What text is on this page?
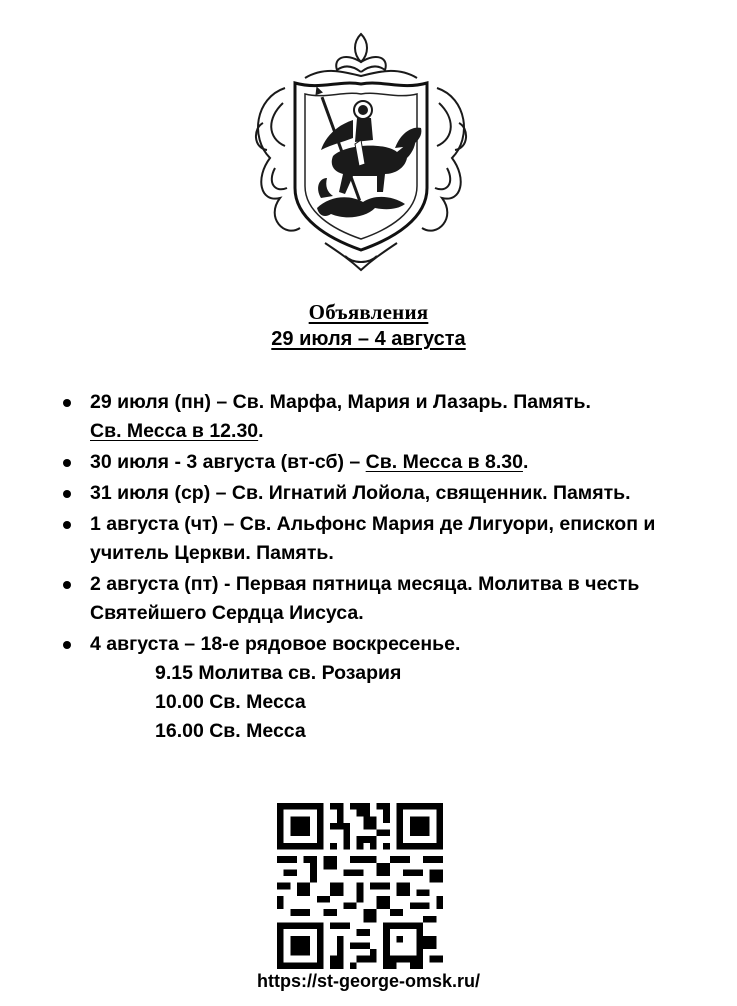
Объявления
29 июля – 4 августа
29 июля (пн) – Св. Марфа, Мария и Лазарь. Память.
Св. Месса в 12.30.
30 июля - 3 августа (вт-сб) – Св. Месса в 8.30.
31 июля (ср) – Св. Игнатий Лойола, священник. Память.
1 августа (чт) – Св. Альфонс Мария де Лигуори, епископ и учитель Церкви. Память.
2 августа (пт) - Первая пятница месяца. Молитва в честь Святейшего Сердца Иисуса.
4 августа – 18-е рядовое воскресенье.
9.15 Молитва св. Розария
10.00 Св. Месса
16.00 Св. Месса
https://st-george-omsk.ru/
